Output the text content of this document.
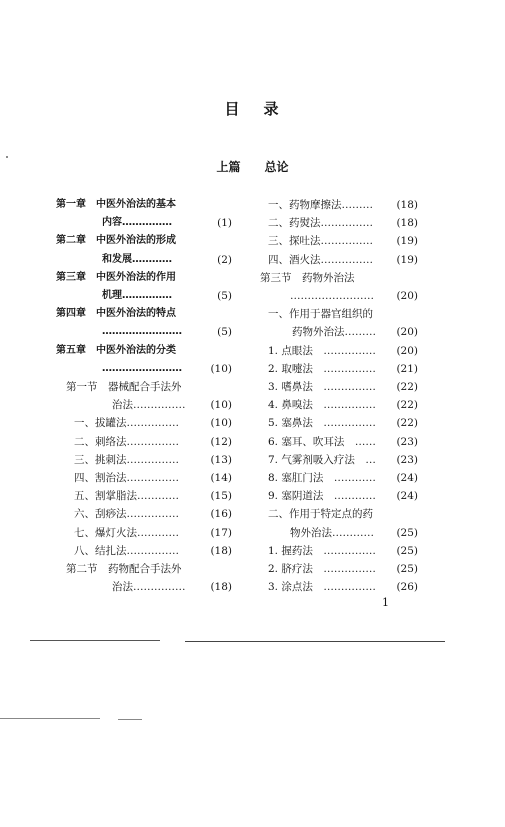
目 录
上篇 总论
第一章　中医外治法的基本
内容……………	(1)
第二章　中医外治法的形成
和发展…………	(2)
第三章　中医外治法的作用
机理……………	(5)
第四章　中医外治法的特点
……………………	(5)
第五章　中医外治法的分类
……………………	(10)
第一节　器械配合手法外
治法…………… (10)
一、拔罐法……………	(10)
二、刺络法……………	(12)
三、挑刺法……………	(13)
四、割治法……………	(14)
五、割掌脂法…………	(15)
六、刮痧法……………	(16)
七、爆灯火法…………	(17)
八、结扎法……………	(18)
第二节　药物配合手法外
治法…………… (18)
一、药物摩擦法……… (18)
二、药熨法…………… (18)
三、探吐法…………… (19)
四、酒火法…………… (19)
第三节　药物外治法
…………………… (20)
一、作用于器官组织的
药物外治法……… (20)
1. 点眼法　…………… (20)
2. 取嚏法　…………… (21)
3. 嗜鼻法　…………… (22)
4. 鼻嗅法　…………… (22)
5. 塞鼻法　…………… (22)
6. 塞耳、吹耳法　…… (23)
7. 气雾剂吸入疗法　… (23)
8. 塞肛门法　………… (24)
9. 塞阴道法　………… (24)
二、作用于特定点的药
物外治法………… (25)
1. 握药法　…………… (25)
2. 脐疗法　…………… (25)
3. 涂点法　…………… (26)
1
